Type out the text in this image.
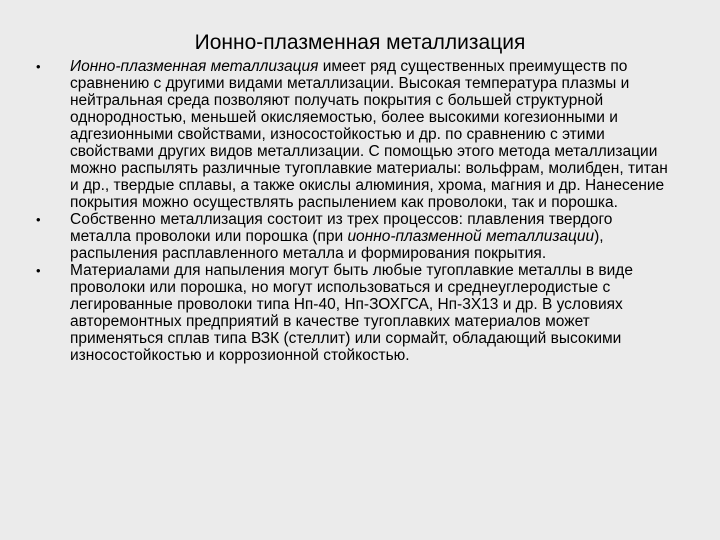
Ионно-плазменная металлизация
• Ионно-плазменная металлизация имеет ряд существенных преимуществ по сравнению с другими видами металлизации. Высокая температура плазмы и нейтральная среда позволяют получать покрытия с большей структурной однородностью, меньшей окисляемостью, более высокими когезионными и адгезионными свойствами, износостойкостью и др. по сравнению с этими свойствами других видов металлизации. С помощью этого метода металлизации можно распылять различные тугоплавкие материалы: вольфрам, молибден, титан и др., твердые сплавы, а также окислы алюминия, хрома, магния и др. Нанесение покрытия можно осуществлять распылением как проволоки, так и порошка.
• Собственно металлизация состоит из трех процессов: плавления твердого металла проволоки или порошка (при ионно-плазменной металлизации), распыления расплавленного металла и формирования покрытия.
• Материалами для напыления могут быть любые тугоплавкие металлы в виде проволоки или порошка, но могут использоваться и среднеуглеродистые с легированные проволоки типа Нп-40, Нп-ЗОХГСА, Нп-3Х13 и др. В условиях авторемонтных предприятий в качестве тугоплавких материалов может применяться сплав типа ВЗК (стеллит) или сормайт, обладающий высокими износостойкостью и коррозионной стойкостью.
